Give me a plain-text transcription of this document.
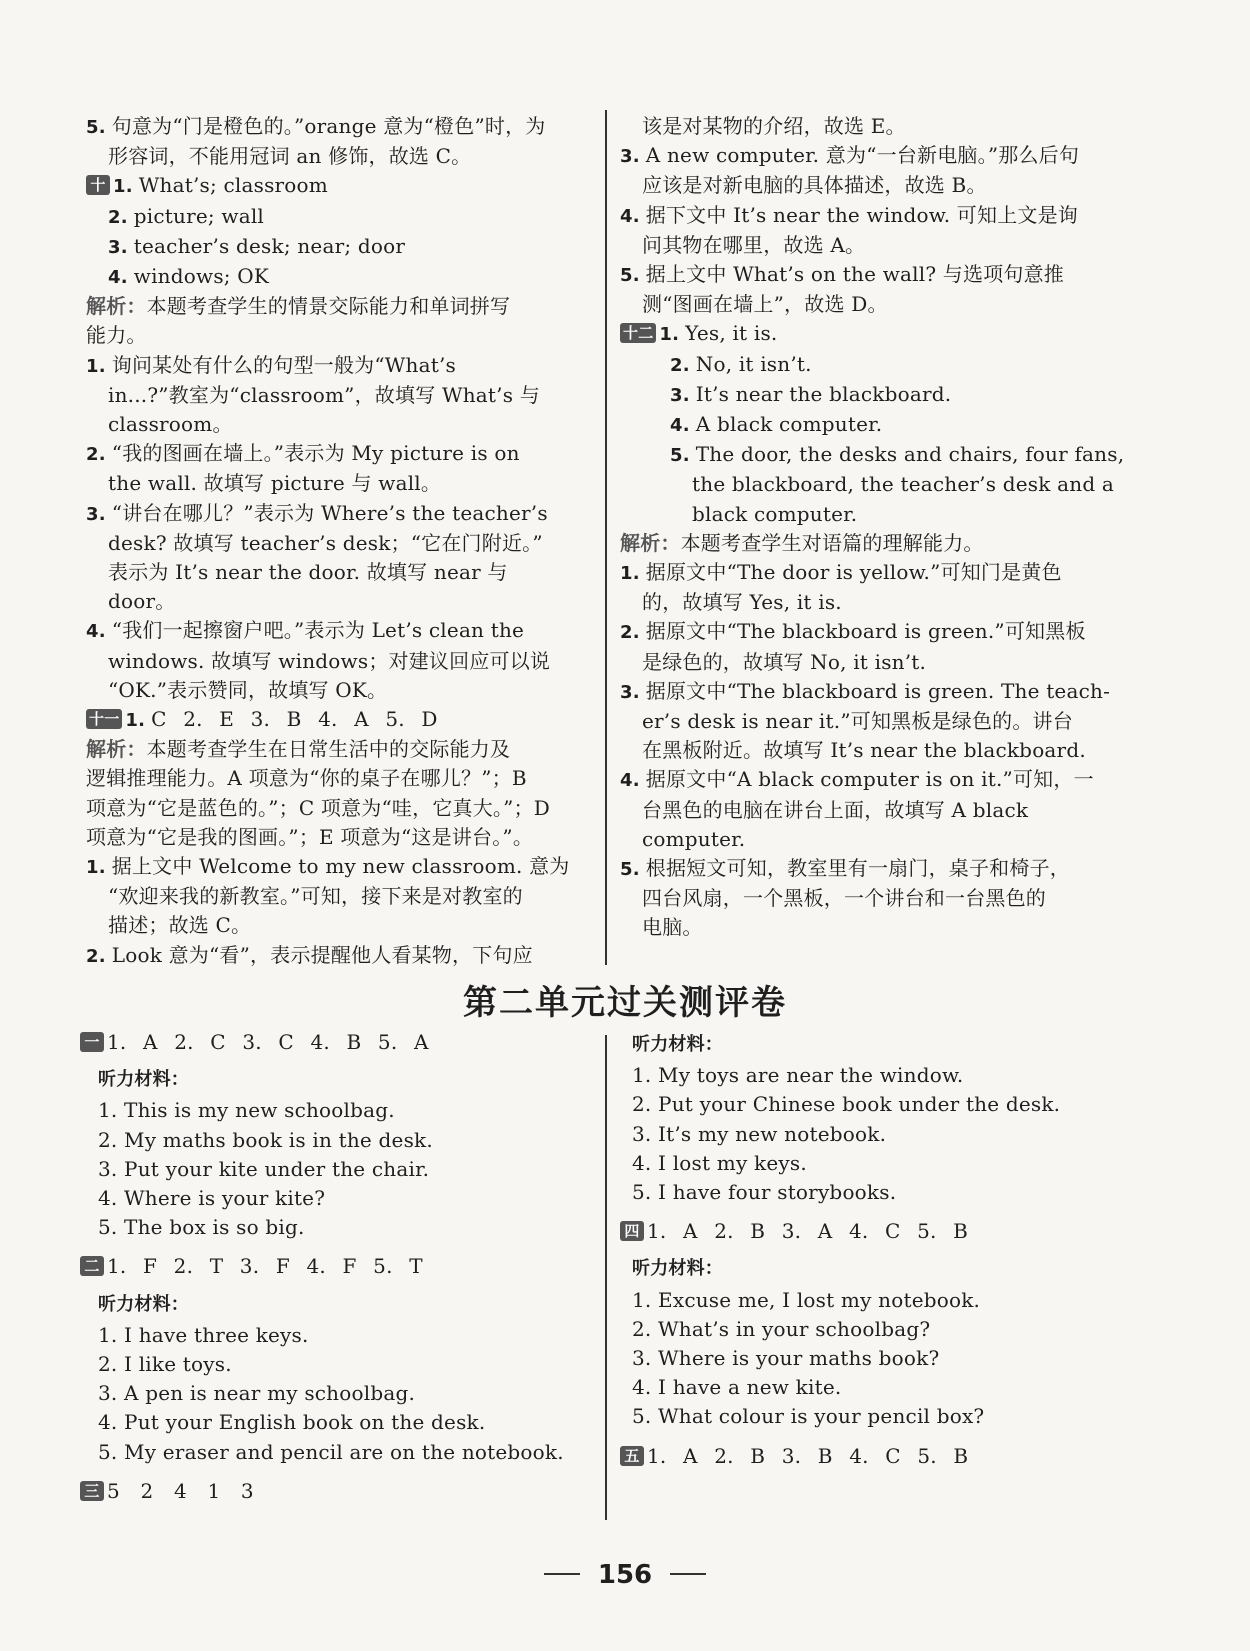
5. 句意为“门是橙色的。”orange 意为“橙色”时，为
形容词，不能用冠词 an 修饰，故选 C。
十 1. What’s; classroom
2. picture; wall
3. teacher’s desk; near; door
4. windows; OK
解析：本题考查学生的情景交际能力和单词拼写
能力。
1. 询问某处有什么的句型一般为“What’s
in...?”教室为“classroom”，故填写 What’s 与
classroom。
2. “我的图画在墙上。”表示为 My picture is on
the wall. 故填写 picture 与 wall。
3. “讲台在哪儿？”表示为 Where’s the teacher’s
desk? 故填写 teacher’s desk；“它在门附近。”
表示为 It’s near the door. 故填写 near 与
door。
4. “我们一起擦窗户吧。”表示为 Let’s clean the
windows. 故填写 windows；对建议回应可以说
“OK.”表示赞同，故填写 OK。
十一 1. C 2. E 3. B 4. A 5. D
解析：本题考查学生在日常生活中的交际能力及
逻辑推理能力。A 项意为“你的桌子在哪儿？”；B
项意为“它是蓝色的。”；C 项意为“哇，它真大。”；D
项意为“它是我的图画。”；E 项意为“这是讲台。”。
1. 据上文中 Welcome to my new classroom. 意为
“欢迎来我的新教室。”可知，接下来是对教室的
描述；故选 C。
2. Look 意为“看”，表示提醒他人看某物，下句应
该是对某物的介绍，故选 E。
3. A new computer. 意为“一台新电脑。”那么后句
应该是对新电脑的具体描述，故选 B。
4. 据下文中 It’s near the window. 可知上文是询
问其物在哪里，故选 A。
5. 据上文中 What’s on the wall? 与选项句意推
测“图画在墙上”，故选 D。
十二 1. Yes, it is.
2. No, it isn’t.
3. It’s near the blackboard.
4. A black computer.
5. The door, the desks and chairs, four fans,
the blackboard, the teacher’s desk and a
black computer.
解析：本题考查学生对语篇的理解能力。
1. 据原文中“The door is yellow.”可知门是黄色
的，故填写 Yes, it is.
2. 据原文中“The blackboard is green.”可知黑板
是绿色的，故填写 No, it isn’t.
3. 据原文中“The blackboard is green. The teach-
er’s desk is near it.”可知黑板是绿色的。讲台
在黑板附近。故填写 It’s near the blackboard.
4. 据原文中“A black computer is on it.”可知，一
台黑色的电脑在讲台上面，故填写 A black
computer.
5. 根据短文可知，教室里有一扇门，桌子和椅子，
四台风扇，一个黑板，一个讲台和一台黑色的
电脑。
第二单元过关测评卷
一 1. A 2. C 3. C 4. B 5. A
听力材料：
1. This is my new schoolbag.
2. My maths book is in the desk.
3. Put your kite under the chair.
4. Where is your kite?
5. The box is so big.
二 1. F 2. T 3. F 4. F 5. T
听力材料：
1. I have three keys.
2. I like toys.
3. A pen is near my schoolbag.
4. Put your English book on the desk.
5. My eraser and pencil are on the notebook.
三 5 2 4 1 3
听力材料：
1. My toys are near the window.
2. Put your Chinese book under the desk.
3. It’s my new notebook.
4. I lost my keys.
5. I have four storybooks.
四 1. A 2. B 3. A 4. C 5. B
听力材料：
1. Excuse me, I lost my notebook.
2. What’s in your schoolbag?
3. Where is your maths book?
4. I have a new kite.
5. What colour is your pencil box?
五 1. A 2. B 3. B 4. C 5. B
156
